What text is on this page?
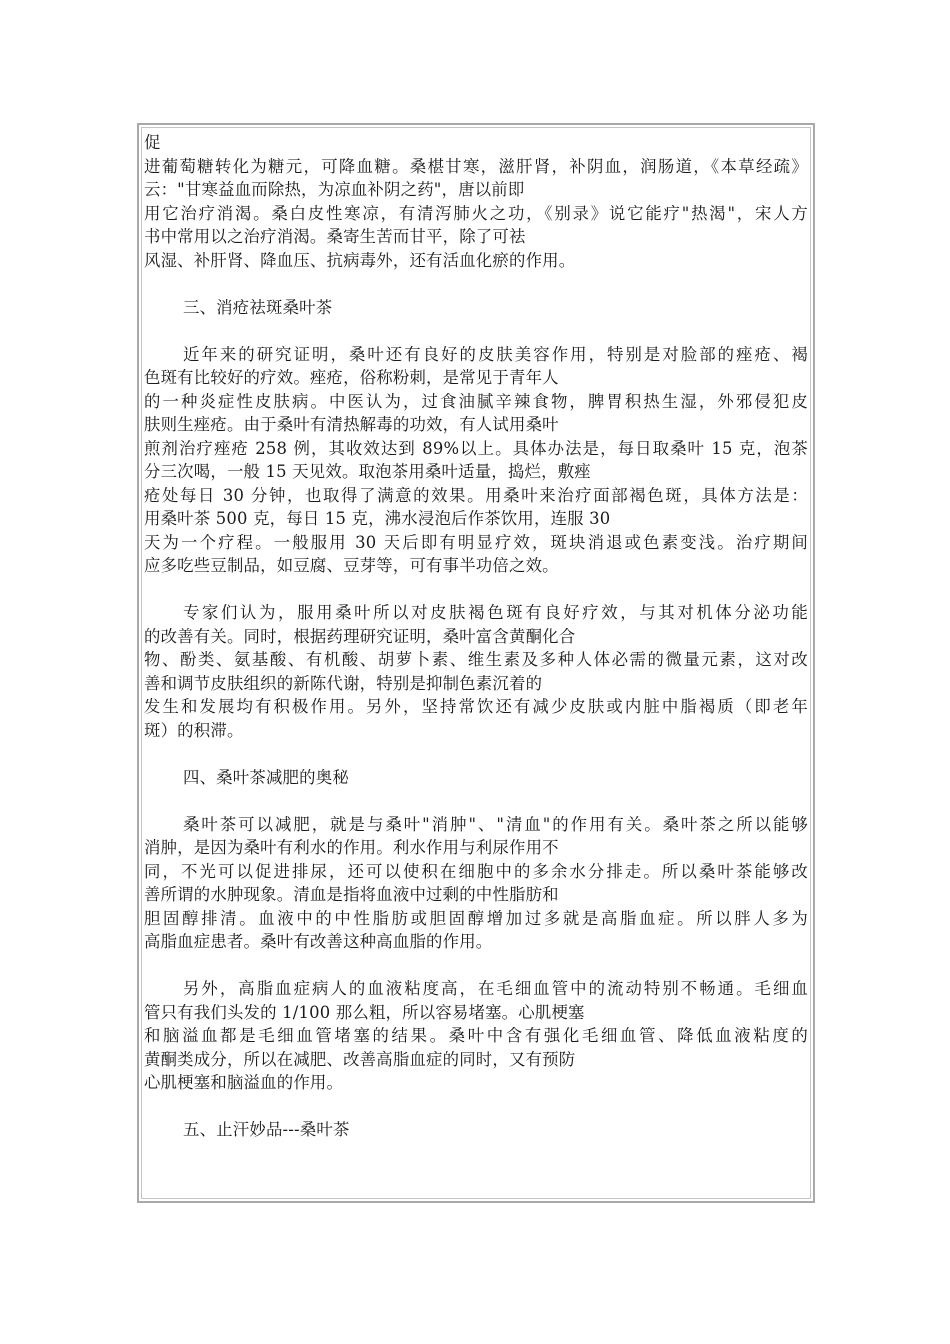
促
进葡萄糖转化为糖元，可降血糖。桑椹甘寒，滋肝肾，补阴血，润肠道，《本草经疏》
云："甘寒益血而除热，为凉血补阴之药"，唐以前即
用它治疗消渴。桑白皮性寒凉，有清泻肺火之功，《别录》说它能疗"热渴"，宋人方
书中常用以之治疗消渴。桑寄生苦而甘平，除了可祛
风湿、补肝肾、降血压、抗病毒外，还有活血化瘀的作用。
三、消疮祛斑桑叶茶
近年来的研究证明，桑叶还有良好的皮肤美容作用，特别是对脸部的痤疮、褐
色斑有比较好的疗效。痤疮，俗称粉刺，是常见于青年人
的一种炎症性皮肤病。中医认为，过食油腻辛辣食物，脾胃积热生湿，外邪侵犯皮
肤则生痤疮。由于桑叶有清热解毒的功效，有人试用桑叶
煎剂治疗痤疮 258 例，其收效达到 89%以上。具体办法是，每日取桑叶 15 克，泡茶
分三次喝，一般 15 天见效。取泡茶用桑叶适量，捣烂，敷痤
疮处每日 30 分钟，也取得了满意的效果。用桑叶来治疗面部褐色斑，具体方法是：
用桑叶茶 500 克，每日 15 克，沸水浸泡后作茶饮用，连服 30
天为一个疗程。一般服用 30 天后即有明显疗效，斑块消退或色素变浅。治疗期间
应多吃些豆制品，如豆腐、豆芽等，可有事半功倍之效。
专家们认为，服用桑叶所以对皮肤褐色斑有良好疗效，与其对机体分泌功能
的改善有关。同时，根据药理研究证明，桑叶富含黄酮化合
物、酚类、氨基酸、有机酸、胡萝卜素、维生素及多种人体必需的微量元素，这对改
善和调节皮肤组织的新陈代谢，特别是抑制色素沉着的
发生和发展均有积极作用。另外，坚持常饮还有减少皮肤或内脏中脂褐质（即老年
斑）的积滞。
四、桑叶茶减肥的奥秘
桑叶茶可以减肥，就是与桑叶"消肿"、"清血"的作用有关。桑叶茶之所以能够
消肿，是因为桑叶有利水的作用。利水作用与利尿作用不
同，不光可以促进排尿，还可以使积在细胞中的多余水分排走。所以桑叶茶能够改
善所谓的水肿现象。清血是指将血液中过剩的中性脂肪和
胆固醇排清。血液中的中性脂肪或胆固醇增加过多就是高脂血症。所以胖人多为
高脂血症患者。桑叶有改善这种高血脂的作用。
另外，高脂血症病人的血液粘度高，在毛细血管中的流动特别不畅通。毛细血
管只有我们头发的 1/100 那么粗，所以容易堵塞。心肌梗塞
和脑溢血都是毛细血管堵塞的结果。桑叶中含有强化毛细血管、降低血液粘度的
黄酮类成分，所以在减肥、改善高脂血症的同时，又有预防
心肌梗塞和脑溢血的作用。
五、止汗妙品---桑叶茶
